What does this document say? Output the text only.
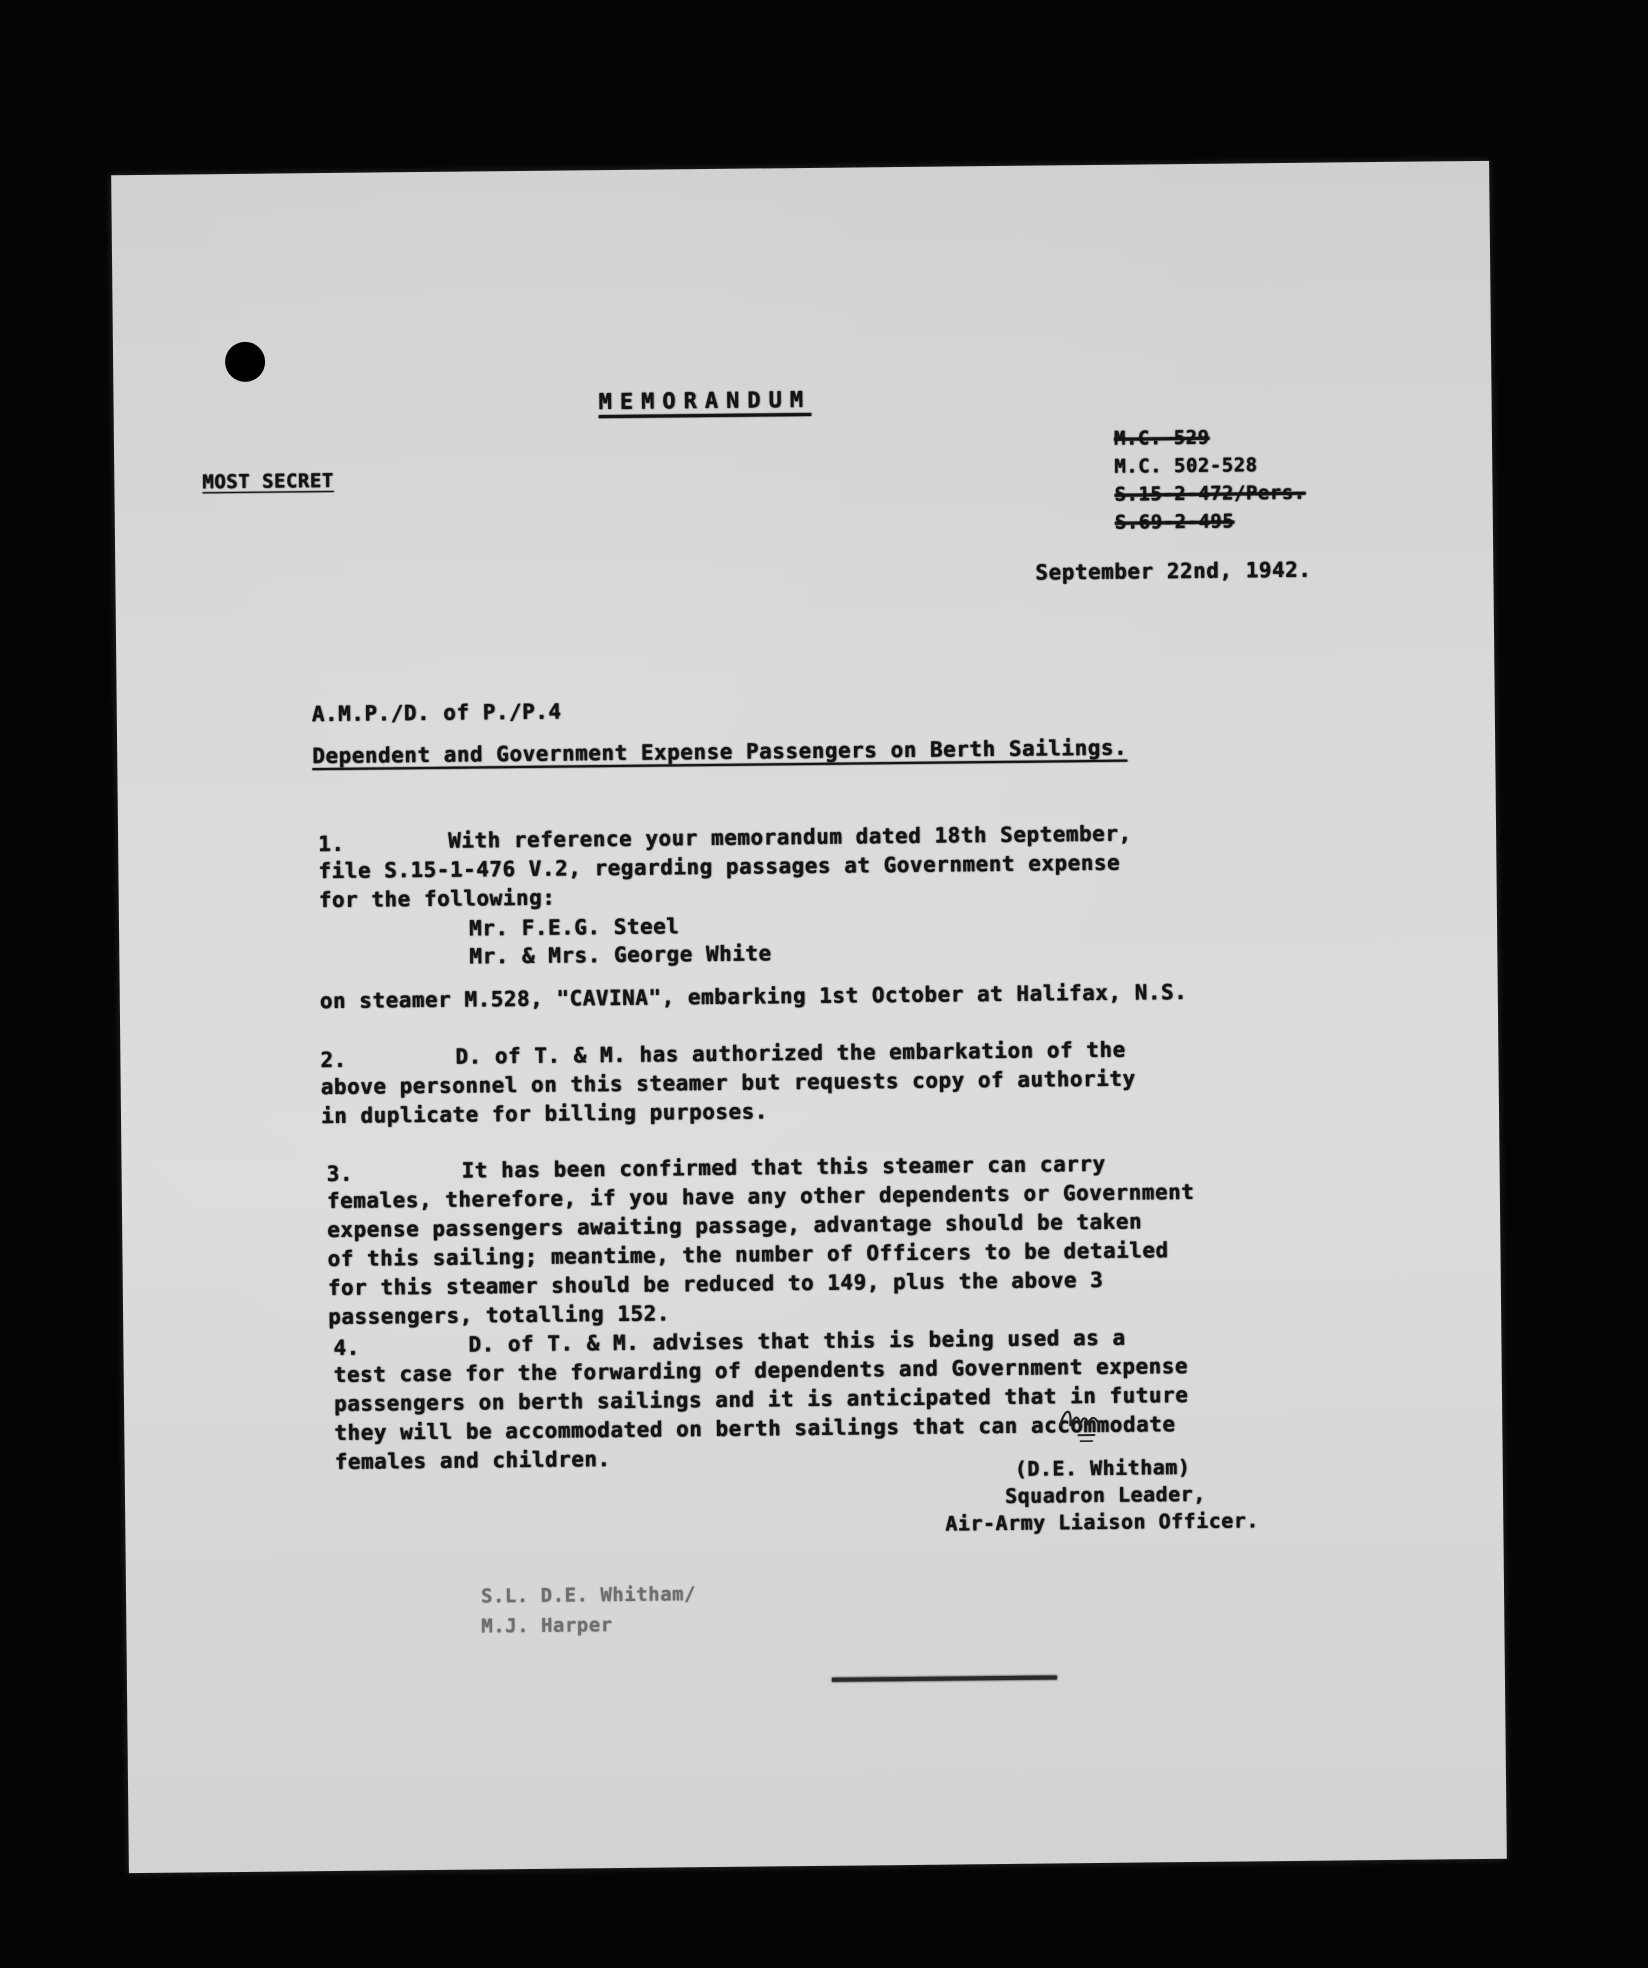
MEMORANDUM
MOST SECRET
M.C. 529
M.C. 502-528
S.15-2-472/Pers.
S.69-2-495
September 22nd, 1942.
A.M.P./D. of P./P.4
Dependent and Government Expense Passengers on Berth Sailings.
1.	With reference your memorandum dated 18th September,
file S.15-1-476 V.2, regarding passages at Government expense
for the following:
Mr. F.E.G. Steel
Mr. & Mrs. George White
on steamer M.528, "CAVINA", embarking 1st October at Halifax, N.S.
2.	D. of T. & M. has authorized the embarkation of the
above personnel on this steamer but requests copy of authority
in duplicate for billing purposes.
3.	It has been confirmed that this steamer can carry
females, therefore, if you have any other dependents or Government
expense passengers awaiting passage, advantage should be taken
of this sailing; meantime, the number of Officers to be detailed
for this steamer should be reduced to 149, plus the above 3
passengers, totalling 152.
4.	D. of T. & M. advises that this is being used as a
test case for the forwarding of dependents and Government expense
passengers on berth sailings and it is anticipated that in future
they will be accommodated on berth sailings that can accommodate
females and children.	(D.E. Whitham)
Squadron Leader,
Air-Army Liaison Officer.
S.L. D.E. Whitham/
M.J. Harper
